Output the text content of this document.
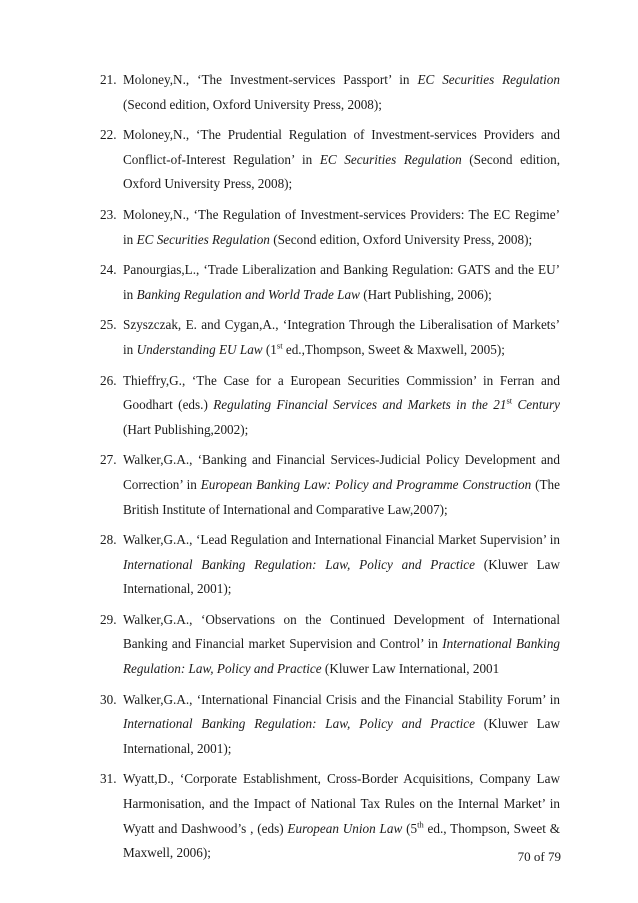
21. Moloney,N., ‘The Investment-services Passport’ in EC Securities Regulation (Second edition, Oxford University Press, 2008);
22. Moloney,N., ‘The Prudential Regulation of Investment-services Providers and Conflict-of-Interest Regulation’ in EC Securities Regulation (Second edition, Oxford University Press, 2008);
23. Moloney,N., ‘The Regulation of Investment-services Providers: The EC Regime’ in EC Securities Regulation (Second edition, Oxford University Press, 2008);
24. Panourgias,L., ‘Trade Liberalization and Banking Regulation: GATS and the EU’ in Banking Regulation and World Trade Law (Hart Publishing, 2006);
25. Szyszczak, E. and Cygan,A., ‘Integration Through the Liberalisation of Markets’ in Understanding EU Law (1st ed.,Thompson, Sweet & Maxwell, 2005);
26. Thieffry,G., ‘The Case for a European Securities Commission’ in Ferran and Goodhart (eds.) Regulating Financial Services and Markets in the 21st Century (Hart Publishing,2002);
27. Walker,G.A., ‘Banking and Financial Services-Judicial Policy Development and Correction’ in European Banking Law: Policy and Programme Construction (The British Institute of International and Comparative Law,2007);
28. Walker,G.A., ‘Lead Regulation and International Financial Market Supervision’ in International Banking Regulation: Law, Policy and Practice (Kluwer Law International, 2001);
29. Walker,G.A., ‘Observations on the Continued Development of International Banking and Financial market Supervision and Control’ in International Banking Regulation: Law, Policy and Practice (Kluwer Law International, 2001
30. Walker,G.A., ‘International Financial Crisis and the Financial Stability Forum’ in International Banking Regulation: Law, Policy and Practice (Kluwer Law International, 2001);
31. Wyatt,D., ‘Corporate Establishment, Cross-Border Acquisitions, Company Law Harmonisation, and the Impact of National Tax Rules on the Internal Market’ in Wyatt and Dashwood’s , (eds) European Union Law (5th ed., Thompson, Sweet & Maxwell, 2006);	70 of 79
